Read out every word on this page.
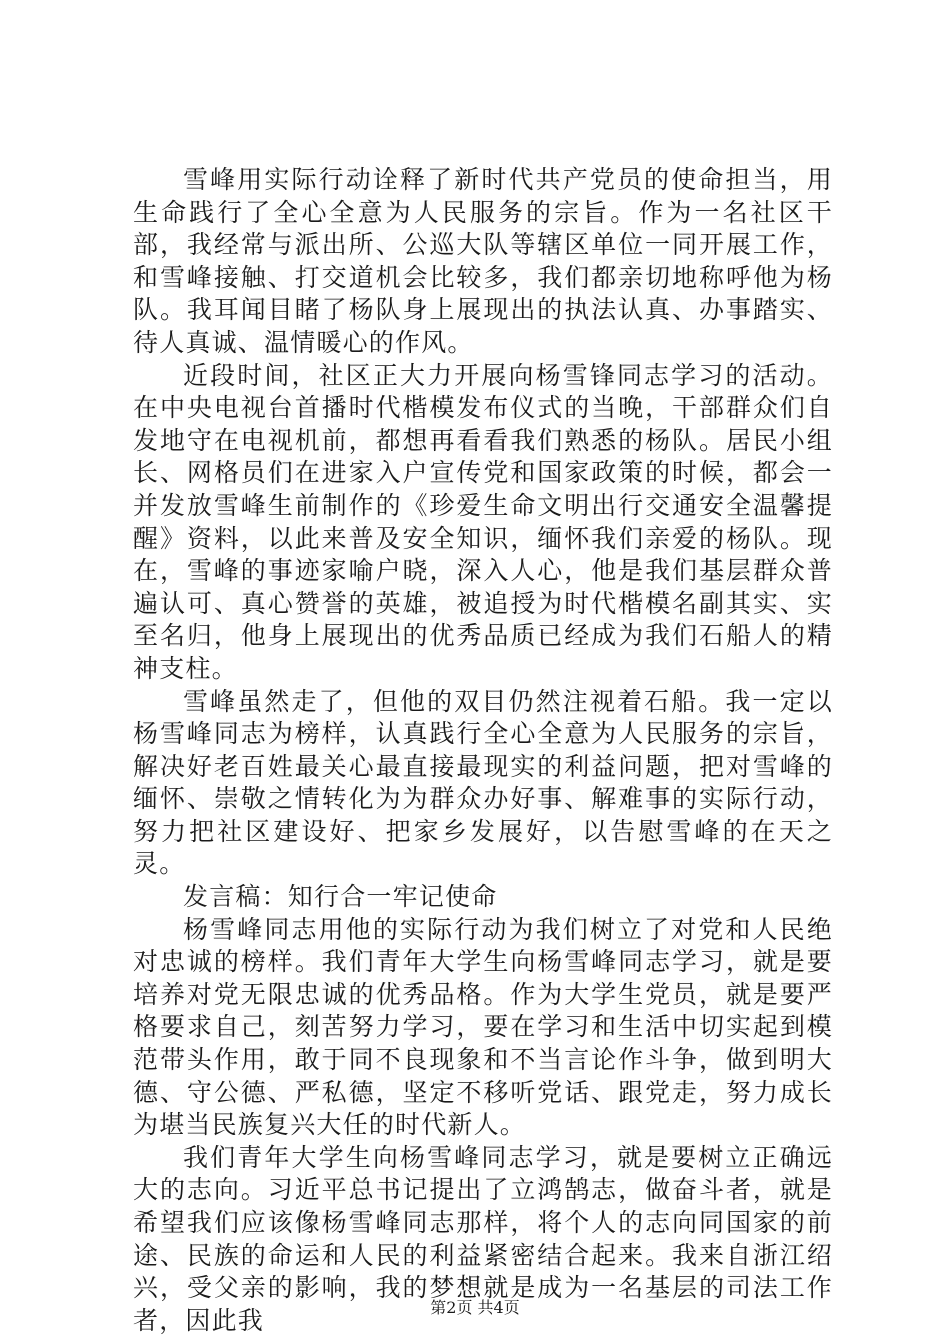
雪峰用实际行动诠释了新时代共产党员的使命担当，用生命践行了全心全意为人民服务的宗旨。作为一名社区干部，我经常与派出所、公巡大队等辖区单位一同开展工作，和雪峰接触、打交道机会比较多，我们都亲切地称呼他为杨队。我耳闻目睹了杨队身上展现出的执法认真、办事踏实、待人真诚、温情暖心的作风。

近段时间，社区正大力开展向杨雪锋同志学习的活动。在中央电视台首播时代楷模发布仪式的当晚，干部群众们自发地守在电视机前，都想再看看我们熟悉的杨队。居民小组长、网格员们在进家入户宣传党和国家政策的时候，都会一并发放雪峰生前制作的《珍爱生命文明出行交通安全温馨提醒》资料，以此来普及安全知识，缅怀我们亲爱的杨队。现在，雪峰的事迹家喻户晓，深入人心，他是我们基层群众普遍认可、真心赞誉的英雄，被追授为时代楷模名副其实、实至名归，他身上展现出的优秀品质已经成为我们石船人的精神支柱。

雪峰虽然走了，但他的双目仍然注视着石船。我一定以杨雪峰同志为榜样，认真践行全心全意为人民服务的宗旨，解决好老百姓最关心最直接最现实的利益问题，把对雪峰的缅怀、崇敬之情转化为为群众办好事、解难事的实际行动，努力把社区建设好、把家乡发展好，以告慰雪峰的在天之灵。

发言稿：知行合一牢记使命

杨雪峰同志用他的实际行动为我们树立了对党和人民绝对忠诚的榜样。我们青年大学生向杨雪峰同志学习，就是要培养对党无限忠诚的优秀品格。作为大学生党员，就是要严格要求自己，刻苦努力学习，要在学习和生活中切实起到模范带头作用，敢于同不良现象和不当言论作斗争，做到明大德、守公德、严私德，坚定不移听党话、跟党走，努力成长为堪当民族复兴大任的时代新人。

我们青年大学生向杨雪峰同志学习，就是要树立正确远大的志向。习近平总书记提出了立鸿鹄志，做奋斗者，就是希望我们应该像杨雪峰同志那样，将个人的志向同国家的前途、民族的命运和人民的利益紧密结合起来。我来自浙江绍兴，受父亲的影响，我的梦想就是成为一名基层的司法工作者，因此我	第2页 共4页
